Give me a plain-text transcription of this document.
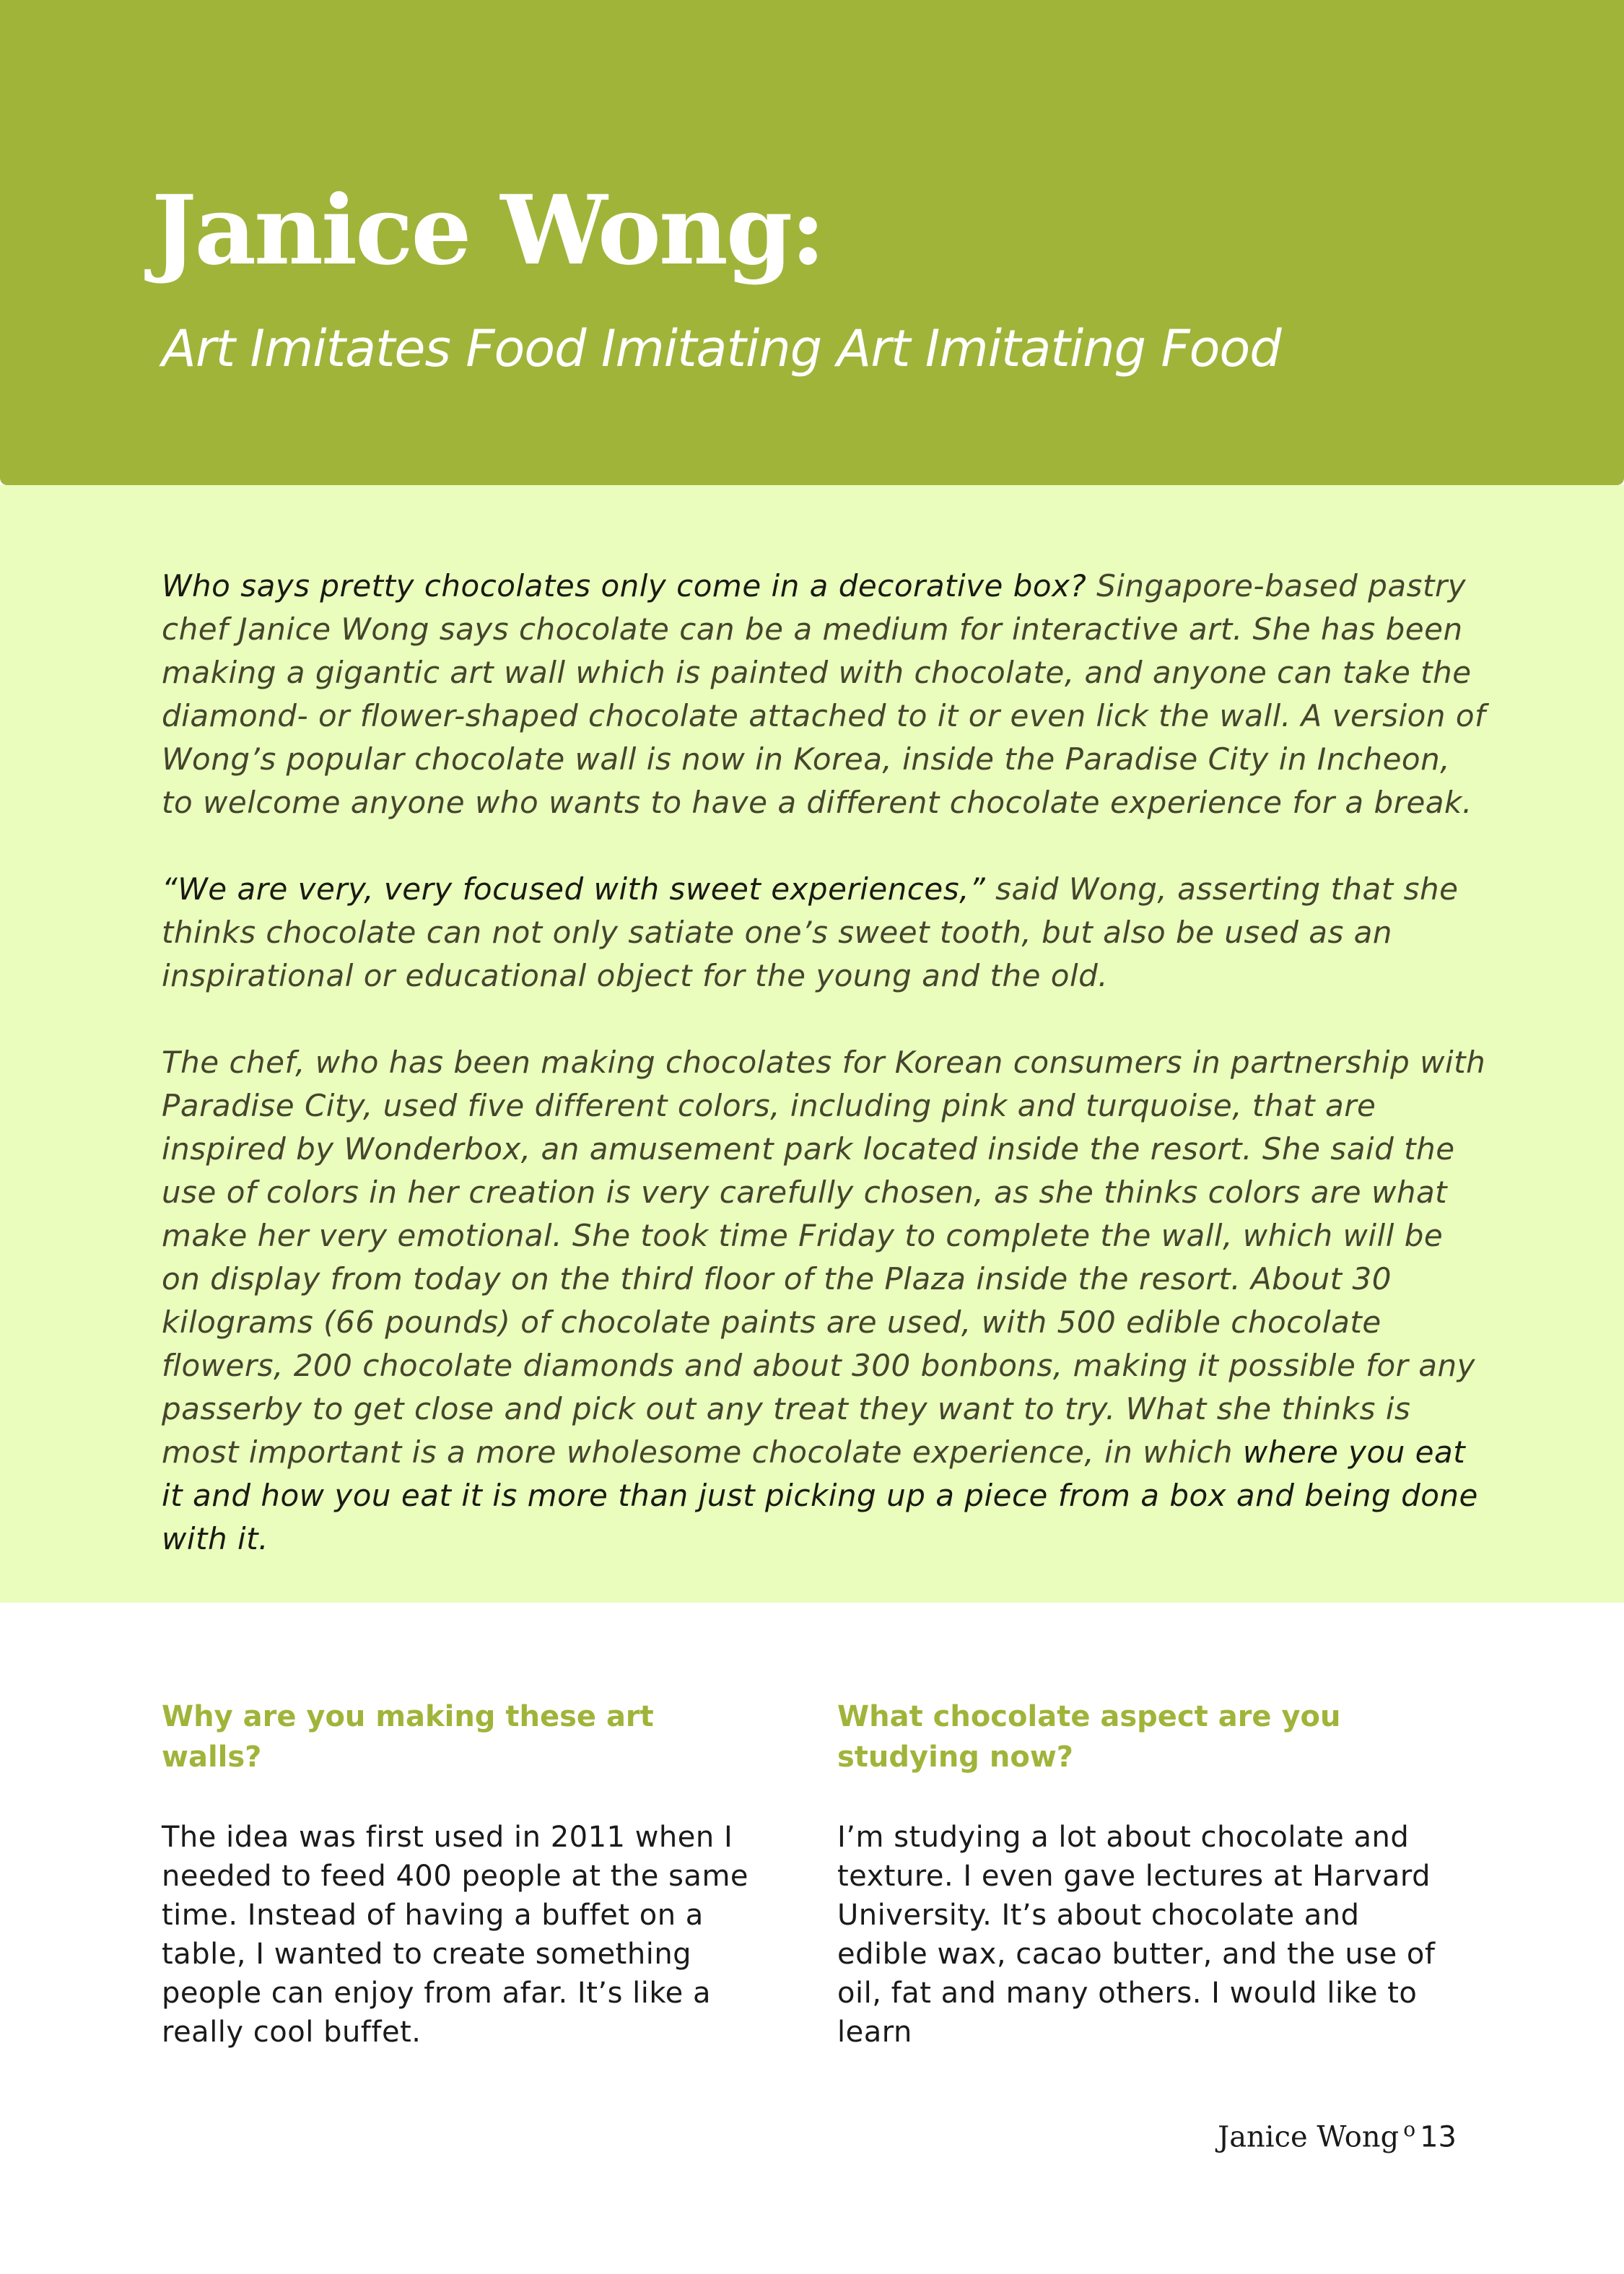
Janice Wong:
Art Imitates Food Imitating Art Imitating Food

Who says pretty chocolates only come in a decorative box? Singapore-based pastry chef Janice Wong says chocolate can be a medium for interactive art. She has been making a gigantic art wall which is painted with chocolate, and anyone can take the diamond- or flower-shaped chocolate attached to it or even lick the wall. A version of Wong’s popular chocolate wall is now in Korea, inside the Paradise City in Incheon, to welcome anyone who wants to have a different chocolate experience for a break.

“We are very, very focused with sweet experiences,” said Wong, asserting that she thinks chocolate can not only satiate one’s sweet tooth, but also be used as an inspirational or educational object for the young and the old.

The chef, who has been making chocolates for Korean consumers in partnership with Paradise City, used five different colors, including pink and turquoise, that are inspired by Wonderbox, an amusement park located inside the resort. She said the use of colors in her creation is very carefully chosen, as she thinks colors are what make her very emotional. She took time Friday to complete the wall, which will be on display from today on the third floor of the Plaza inside the resort. About 30 kilograms (66 pounds) of chocolate paints are used, with 500 edible chocolate flowers, 200 chocolate diamonds and about 300 bonbons, making it possible for any passerby to get close and pick out any treat they want to try. What she thinks is most important is a more wholesome chocolate experience, in which where you eat it and how you eat it is more than just picking up a piece from a box and being done with it.

Why are you making these art walls?

The idea was first used in 2011 when I needed to feed 400 people at the same time. Instead of having a buffet on a table, I wanted to create something people can enjoy from afar. It’s like a really cool buffet.

What chocolate aspect are you studying now?

I’m studying a lot about chocolate and texture. I even gave lectures at Harvard University. It’s about chocolate and edible wax, cacao butter, and the use of oil, fat and many others. I would like to learn

Janice Wong $^o$ 13
